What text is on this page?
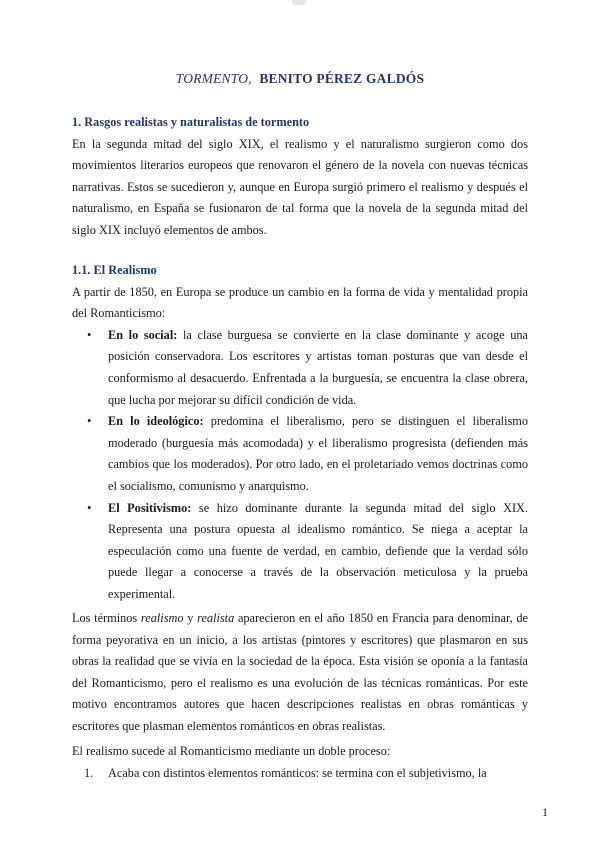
TORMENTO, BENITO PÉREZ GALDÓS

1. Rasgos realistas y naturalistas de tormento

En la segunda mitad del siglo XIX, el realismo y el naturalismo surgieron como dos movimientos literarios europeos que renovaron el género de la novela con nuevas técnicas narrativas. Estos se sucedieron y, aunque en Europa surgió primero el realismo y después el naturalismo, en España se fusionaron de tal forma que la novela de la segunda mitad del siglo XIX incluyó elementos de ambos.

1.1. El Realismo

A partir de 1850, en Europa se produce un cambio en la forma de vida y mentalidad propia del Romanticismo:

• En lo social: la clase burguesa se convierte en la clase dominante y acoge una posición conservadora. Los escritores y artistas toman posturas que van desde el conformismo al desacuerdo. Enfrentada a la burguesía, se encuentra la clase obrera, que lucha por mejorar su difícil condición de vida.
• En lo ideológico: predomina el liberalismo, pero se distinguen el liberalismo moderado (burguesía más acomodada) y el liberalismo progresista (defienden más cambios que los moderados). Por otro lado, en el proletariado vemos doctrinas como el socialismo, comunismo y anarquismo.
• El Positivismo: se hizo dominante durante la segunda mitad del siglo XIX. Representa una postura opuesta al idealismo romántico. Se niega a aceptar la especulación como una fuente de verdad, en cambio, defiende que la verdad sólo puede llegar a conocerse a través de la observación meticulosa y la prueba experimental.

Los términos realismo y realista aparecieron en el año 1850 en Francia para denominar, de forma peyorativa en un inicio, a los artistas (pintores y escritores) que plasmaron en sus obras la realidad que se vivía en la sociedad de la época. Esta visión se oponía a la fantasía del Romanticismo, pero el realismo es una evolución de las técnicas románticas. Por este motivo encontramos autores que hacen descripciones realistas en obras románticas y escritores que plasman elementos románticos en obras realistas.

El realismo sucede al Romanticismo mediante un doble proceso:

1. Acaba con distintos elementos románticos: se termina con el subjetivismo, la
1
